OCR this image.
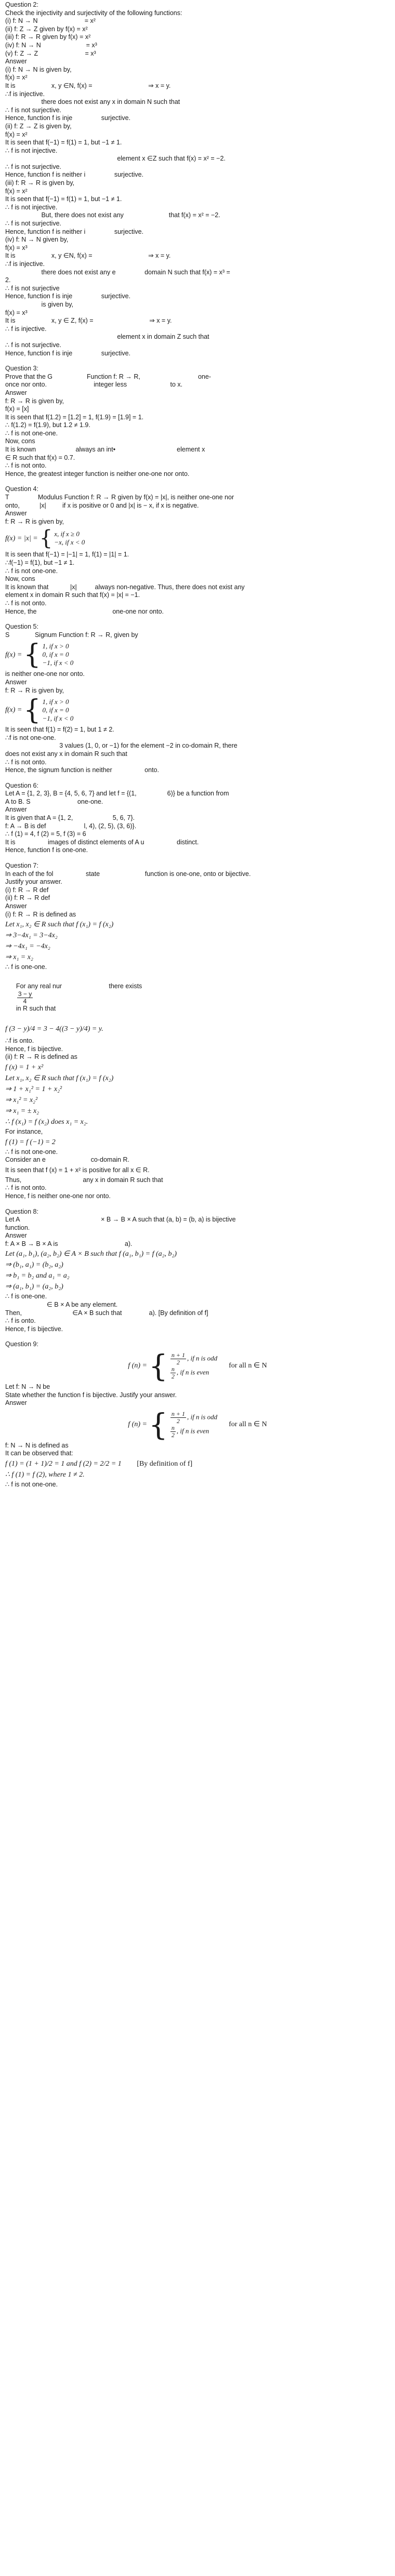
Question 2:

Check the injectivity and surjectivity of the following functions:

(i) f: N → N                          = x²

(ii) f: Z → Z given by f(x) = x²

(iii) f: R → R given by f(x) = x²

(iv) f: N → N                         = x³

(v) f: Z → Z                          = x³

Answer

(i) f: N → N is given by,

f(x) = x²

It is                    x, y ∈N, f(x) =                               ⇒ x = y.

∴f is injective.

there does not exist any x in domain N such that

∴ f is not surjective.

Hence, function f is inje                surjective.

(ii) f: Z → Z is given by,

f(x) = x²

It is seen that f(−1) = f(1) = 1, but −1 ≠ 1.

∴ f is not injective.

element x ∈Z such that f(x) = x² = −2.

∴ f is not surjective.

Hence, function f is neither i                surjective.

(iii) f: R → R is given by,

f(x) = x²

It is seen that f(−1) = f(1) = 1, but −1 ≠ 1.

∴ f is not injective.

But, there does not exist any                         that f(x) = x² = −2.

∴ f is not surjective.

Hence, function f is neither i                surjective.

(iv) f: N → N given by,

f(x) = x³

It is                    x, y ∈N, f(x) =                               ⇒ x = y.

∴f is injective.

there does not exist any e                domain N such that f(x) = x³ =

2.

∴ f is not surjective

Hence, function f is inje                surjective.

is given by,

f(x) = x³

It is                    x, y ∈ Z, f(x) =                               ⇒ x = y.

∴ f is injective.

element x in domain Z such that

∴ f is not surjective.

Hence, function f is inje                surjective.

Question 3:

Prove that the G                   Function f: R → R,                                one-

once nor onto.                          integer less                        to x.

Answer

f: R → R is given by,

f(x) = [x]

It is seen that f(1.2) = [1.2] = 1, f(1.9) = [1.9] = 1.

∴ f(1.2) = f(1.9), but 1.2 ≠ 1.9.

∴ f is not one-one.

Now, cons

It is known                      always an int•                                  element x

∈ R such that f(x) = 0.7.

∴ f is not onto.

Hence, the greatest integer function is neither one-one nor onto.

Question 4:

T                Modulus Function f: R → R given by f(x) = |x|, is neither one-one nor

onto,           |x|         if x is positive or 0 and |x| is − x, if x is negative.

Answer

f: R → R is given by,

f(x) = |x| = { x, if x ≥ 0
−x, if x < 0

It is seen that f(−1) = |−1| = 1, f(1) = |1| = 1.

∴f(−1) = f(1), but −1 ≠ 1.

∴ f is not one-one.

Now, cons

It is known that            |x|          always non-negative. Thus, there does not exist any

element x in domain R such that f(x) = |x| = −1.

∴ f is not onto.

Hence, the                                          one-one nor onto.

Question 5:

S              Signum Function f: R → R, given by

f(x) = { 1, if x > 0
0, if x = 0
−1, if x < 0

is neither one-one nor onto.

Answer

f: R → R is given by,

f(x) = { 1, if x > 0
0, if x = 0
−1, if x < 0

It is seen that f(1) = f(2) = 1, but 1 ≠ 2.

∴f is not one-one.

3 values (1, 0, or −1) for the element −2 in co-domain R, there

does not exist any x in domain R such that

∴ f is not onto.

Hence, the signum function is neither                  onto.

Question 6:

Let A = {1, 2, 3}, B = {4, 5, 6, 7} and let f = {(1,                 6)} be a function from

A to B. S                          one-one.

Answer

It is given that A = {1, 2,                      5, 6, 7}.

f: A → B is def                     l, 4), (2, 5), (3, 6)}.

∴ f (1) = 4, f (2) = 5, f (3) = 6

It is                  images of distinct elements of A u                  distinct.

Hence, function f is one-one.

Question 7:

In each of the fol                  state                         function is one-one, onto or bijective.

Justify your answer.

(i) f: R → R def

(ii) f: R → R def

Answer

(i) f: R → R is defined as

Let x₁, x₂ ∈ R such that f (x₁) = f (x₂)

⇒ 3−4x₁ = 3−4x₂

⇒ −4x₁ = −4x₂

⇒ x₁ = x₂

∴ f is one-one.

For any real nur                          there exists

$\frac{3 - y}{4}$

in R such that

f (3 − y)/4 = 3 − 4((3 − y)/4) = y.

∴f is onto.

Hence, f is bijective.

(ii) f: R → R is defined as

f (x) = 1 + x²

Let x₁, x₂ ∈ R such that f (x₁) = f (x₂)

⇒ 1 + x₁² = 1 + x₂²

⇒ x₁² = x₂²

⇒ x₁ = ± x₂

∴ f (x₁) = f (x₂) does x₁ = x₂.

For instance,

f (1) = f (−1) = 2

∴ f is not one-one.

Consider an e                         co-domain R.

It is seen that f (x) = 1 + x² is positive for all x ∈ R.

Thus,                                  any x in domain R such that

∴ f is not onto.

Hence, f is neither one-one nor onto.

Question 8:

Let A                                             × B → B × A such that (a, b) = (b, a) is bijective

function.

Answer

f: A × B → B × A is                                     a).

Let (a₁, b₁), (a₂, b₂) ∈ A × B such that f (a₁, b₁) = f (a₂, b₂)

⇒ (b₁, a₁) = (b₂, a₂)

⇒ b₁ = b₂ and a₁ = a₂

⇒ (a₁, b₁) = (a₂, b₂)

∴ f is one-one.

∈ B × A be any element.

Then,                            ∈A × B such that               a). [By definition of f]

∴ f is onto.

Hence, f is bijective.

Question 9:

f (n) = { $\frac{n + 1}{2}$ , if n is odd
$\frac{n}{2}$ , if n is even
for all n ∈ N

Let f: N → N be

State whether the function f is bijective. Justify your answer.

Answer

f (n) = { $\frac{n + 1}{2}$ , if n is odd
$\frac{n}{2}$ , if n is even
for all n ∈ N

f: N → N is defined as

It can be observed that:

f (1) = (1 + 1)/2 = 1 and f (2) = 2/2 = 1 [By definition of f]

∴ f (1) = f (2), where 1 ≠ 2.

∴ f is not one-one.
